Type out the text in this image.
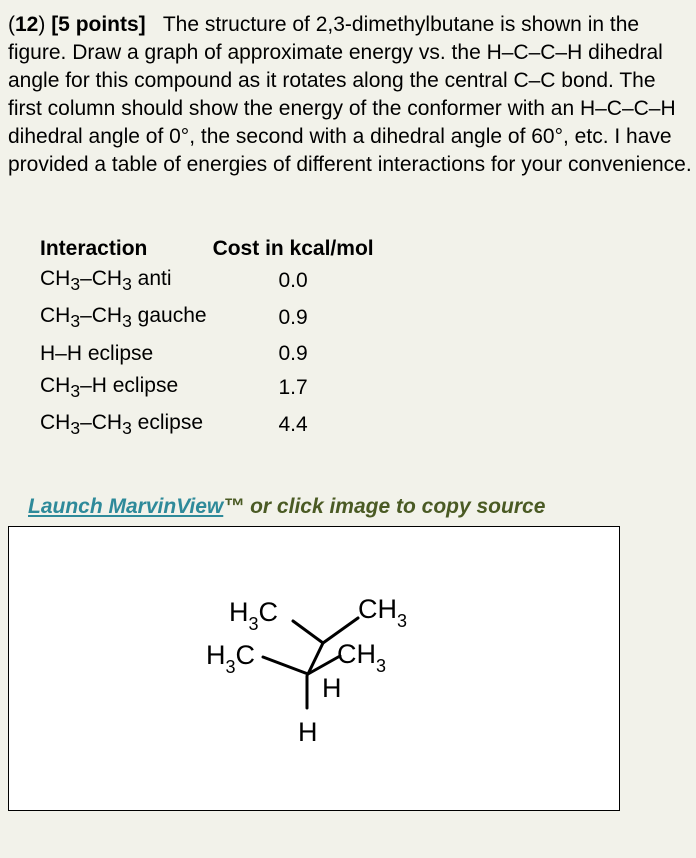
(12) [5 points] The structure of 2,3-dimethylbutane is shown in the figure. Draw a graph of approximate energy vs. the H–C–C–H dihedral angle for this compound as it rotates along the central C–C bond. The first column should show the energy of the conformer with an H–C–C–H dihedral angle of 0°, the second with a dihedral angle of 60°, etc. I have provided a table of energies of different interactions for your convenience.

Interaction	Cost in kcal/mol
$CH_3-CH_3$ anti	0.0
$CH_3-CH_3$ gauche	0.9
H–H eclipse	0.9
$CH_3-H$ eclipse	1.7
$CH_3-CH_3$ eclipse	4.4
Launch MarvinView™ or click image to copy source
H3C
H3C
CH3
CH3
H
H
